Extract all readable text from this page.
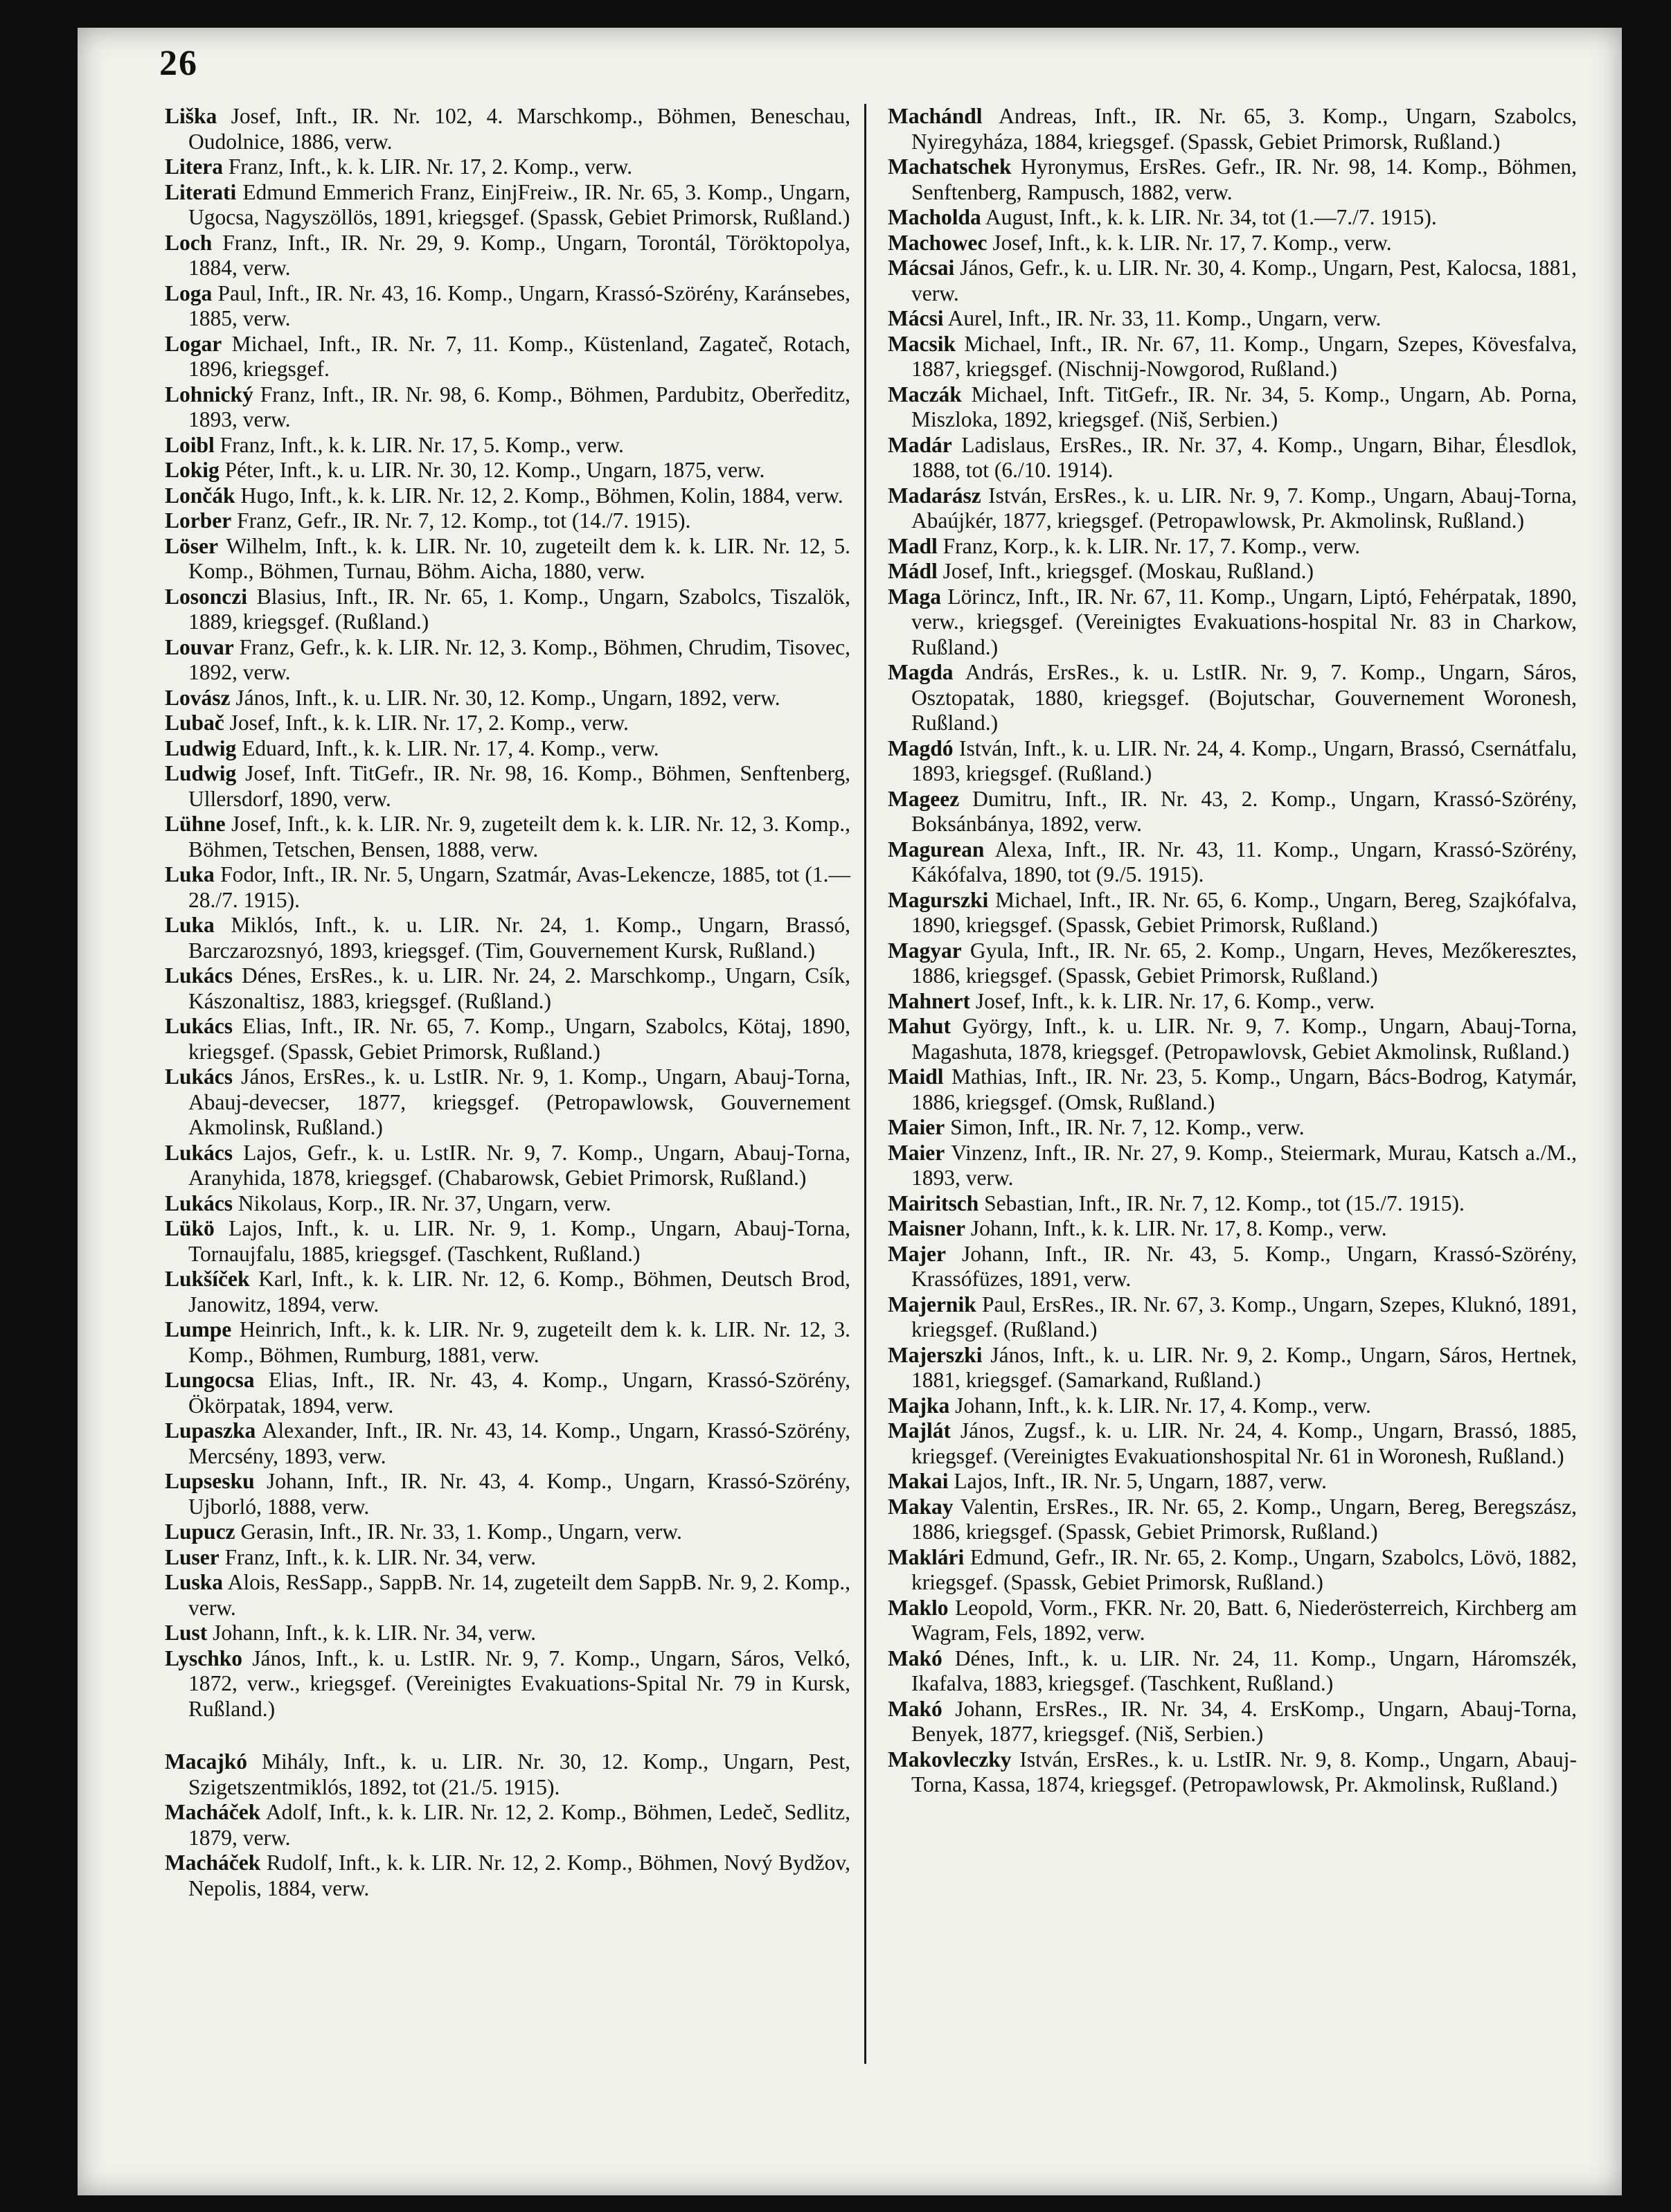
26

Liška Josef, Inft., IR. Nr. 102, 4. Marschkomp., Böhmen, Beneschau, Oudolnice, 1886, verw.

Litera Franz, Inft., k. k. LIR. Nr. 17, 2. Komp., verw.

Literati Edmund Emmerich Franz, EinjFreiw., IR. Nr. 65, 3. Komp., Ungarn, Ugocsa, Nagyszöllös, 1891, kriegsgef. (Spassk, Gebiet Primorsk, Rußland.)

Loch Franz, Inft., IR. Nr. 29, 9. Komp., Ungarn, Torontál, Töröktopolya, 1884, verw.

Loga Paul, Inft., IR. Nr. 43, 16. Komp., Ungarn, Krassó-Szörény, Karánsebes, 1885, verw.

Logar Michael, Inft., IR. Nr. 7, 11. Komp., Küstenland, Zagateč, Rotach, 1896, kriegsgef.

Lohnický Franz, Inft., IR. Nr. 98, 6. Komp., Böhmen, Pardubitz, Oberředitz, 1893, verw.

Loibl Franz, Inft., k. k. LIR. Nr. 17, 5. Komp., verw.

Lokig Péter, Inft., k. u. LIR. Nr. 30, 12. Komp., Ungarn, 1875, verw.

Lončák Hugo, Inft., k. k. LIR. Nr. 12, 2. Komp., Böhmen, Kolin, 1884, verw.

Lorber Franz, Gefr., IR. Nr. 7, 12. Komp., tot (14./7. 1915).

Löser Wilhelm, Inft., k. k. LIR. Nr. 10, zugeteilt dem k. k. LIR. Nr. 12, 5. Komp., Böhmen, Turnau, Böhm. Aicha, 1880, verw.

Losonczi Blasius, Inft., IR. Nr. 65, 1. Komp., Ungarn, Szabolcs, Tiszalök, 1889, kriegsgef. (Rußland.)

Louvar Franz, Gefr., k. k. LIR. Nr. 12, 3. Komp., Böhmen, Chrudim, Tisovec, 1892, verw.

Lovász János, Inft., k. u. LIR. Nr. 30, 12. Komp., Ungarn, 1892, verw.

Lubač Josef, Inft., k. k. LIR. Nr. 17, 2. Komp., verw.

Ludwig Eduard, Inft., k. k. LIR. Nr. 17, 4. Komp., verw.

Ludwig Josef, Inft. TitGefr., IR. Nr. 98, 16. Komp., Böhmen, Senftenberg, Ullersdorf, 1890, verw.

Lühne Josef, Inft., k. k. LIR. Nr. 9, zugeteilt dem k. k. LIR. Nr. 12, 3. Komp., Böhmen, Tetschen, Bensen, 1888, verw.

Luka Fodor, Inft., IR. Nr. 5, Ungarn, Szatmár, Avas-Lekencze, 1885, tot (1.—28./7. 1915).

Luka Miklós, Inft., k. u. LIR. Nr. 24, 1. Komp., Ungarn, Brassó, Barczarozsnyó, 1893, kriegsgef. (Tim, Gouvernement Kursk, Rußland.)

Lukács Dénes, ErsRes., k. u. LIR. Nr. 24, 2. Marschkomp., Ungarn, Csík, Kászonaltisz, 1883, kriegsgef. (Rußland.)

Lukács Elias, Inft., IR. Nr. 65, 7. Komp., Ungarn, Szabolcs, Kötaj, 1890, kriegsgef. (Spassk, Gebiet Primorsk, Rußland.)

Lukács János, ErsRes., k. u. LstIR. Nr. 9, 1. Komp., Ungarn, Abauj-Torna, Abauj-devecser, 1877, kriegsgef. (Petropawlowsk, Gouvernement Akmolinsk, Rußland.)

Lukács Lajos, Gefr., k. u. LstIR. Nr. 9, 7. Komp., Ungarn, Abauj-Torna, Aranyhida, 1878, kriegsgef. (Chabarowsk, Gebiet Primorsk, Rußland.)

Lukács Nikolaus, Korp., IR. Nr. 37, Ungarn, verw.

Lükö Lajos, Inft., k. u. LIR. Nr. 9, 1. Komp., Ungarn, Abauj-Torna, Tornaujfalu, 1885, kriegsgef. (Taschkent, Rußland.)

Lukšíček Karl, Inft., k. k. LIR. Nr. 12, 6. Komp., Böhmen, Deutsch Brod, Janowitz, 1894, verw.

Lumpe Heinrich, Inft., k. k. LIR. Nr. 9, zugeteilt dem k. k. LIR. Nr. 12, 3. Komp., Böhmen, Rumburg, 1881, verw.

Lungocsa Elias, Inft., IR. Nr. 43, 4. Komp., Ungarn, Krassó-Szörény, Ökörpatak, 1894, verw.

Lupaszka Alexander, Inft., IR. Nr. 43, 14. Komp., Ungarn, Krassó-Szörény, Mercsény, 1893, verw.

Lupsesku Johann, Inft., IR. Nr. 43, 4. Komp., Ungarn, Krassó-Szörény, Ujborló, 1888, verw.

Lupucz Gerasin, Inft., IR. Nr. 33, 1. Komp., Ungarn, verw.

Luser Franz, Inft., k. k. LIR. Nr. 34, verw.

Luska Alois, ResSapp., SappB. Nr. 14, zugeteilt dem SappB. Nr. 9, 2. Komp., verw.

Lust Johann, Inft., k. k. LIR. Nr. 34, verw.

Lyschko János, Inft., k. u. LstIR. Nr. 9, 7. Komp., Ungarn, Sáros, Velkó, 1872, verw., kriegsgef. (Vereinigtes Evakuations-Spital Nr. 79 in Kursk, Rußland.)

Macajkó Mihály, Inft., k. u. LIR. Nr. 30, 12. Komp., Ungarn, Pest, Szigetszentmiklós, 1892, tot (21./5. 1915).

Macháček Adolf, Inft., k. k. LIR. Nr. 12, 2. Komp., Böhmen, Ledeč, Sedlitz, 1879, verw.

Macháček Rudolf, Inft., k. k. LIR. Nr. 12, 2. Komp., Böhmen, Nový Bydžov, Nepolis, 1884, verw.

Machándl Andreas, Inft., IR. Nr. 65, 3. Komp., Ungarn, Szabolcs, Nyiregyháza, 1884, kriegsgef. (Spassk, Gebiet Primorsk, Rußland.)

Machatschek Hyronymus, ErsRes. Gefr., IR. Nr. 98, 14. Komp., Böhmen, Senftenberg, Rampusch, 1882, verw.

Macholda August, Inft., k. k. LIR. Nr. 34, tot (1.—7./7. 1915).

Machowec Josef, Inft., k. k. LIR. Nr. 17, 7. Komp., verw.

Mácsai János, Gefr., k. u. LIR. Nr. 30, 4. Komp., Ungarn, Pest, Kalocsa, 1881, verw.

Mácsi Aurel, Inft., IR. Nr. 33, 11. Komp., Ungarn, verw.

Macsik Michael, Inft., IR. Nr. 67, 11. Komp., Ungarn, Szepes, Kövesfalva, 1887, kriegsgef. (Nischnij-Nowgorod, Rußland.)

Maczák Michael, Inft. TitGefr., IR. Nr. 34, 5. Komp., Ungarn, Ab. Porna, Miszloka, 1892, kriegsgef. (Niš, Serbien.)

Madár Ladislaus, ErsRes., IR. Nr. 37, 4. Komp., Ungarn, Bihar, Élesdlok, 1888, tot (6./10. 1914).

Madarász István, ErsRes., k. u. LIR. Nr. 9, 7. Komp., Ungarn, Abauj-Torna, Abaújkér, 1877, kriegsgef. (Petropawlowsk, Pr. Akmolinsk, Rußland.)

Madl Franz, Korp., k. k. LIR. Nr. 17, 7. Komp., verw.

Mádl Josef, Inft., kriegsgef. (Moskau, Rußland.)

Maga Lörincz, Inft., IR. Nr. 67, 11. Komp., Ungarn, Liptó, Fehérpatak, 1890, verw., kriegsgef. (Vereinigtes Evakuations-hospital Nr. 83 in Charkow, Rußland.)

Magda András, ErsRes., k. u. LstIR. Nr. 9, 7. Komp., Ungarn, Sáros, Osztopatak, 1880, kriegsgef. (Bojutschar, Gouvernement Woronesh, Rußland.)

Magdó István, Inft., k. u. LIR. Nr. 24, 4. Komp., Ungarn, Brassó, Csernátfalu, 1893, kriegsgef. (Rußland.)

Mageez Dumitru, Inft., IR. Nr. 43, 2. Komp., Ungarn, Krassó-Szörény, Boksánbánya, 1892, verw.

Magurean Alexa, Inft., IR. Nr. 43, 11. Komp., Ungarn, Krassó-Szörény, Kákófalva, 1890, tot (9./5. 1915).

Magurszki Michael, Inft., IR. Nr. 65, 6. Komp., Ungarn, Bereg, Szajkófalva, 1890, kriegsgef. (Spassk, Gebiet Primorsk, Rußland.)

Magyar Gyula, Inft., IR. Nr. 65, 2. Komp., Ungarn, Heves, Mezőkeresztes, 1886, kriegsgef. (Spassk, Gebiet Primorsk, Rußland.)

Mahnert Josef, Inft., k. k. LIR. Nr. 17, 6. Komp., verw.

Mahut György, Inft., k. u. LIR. Nr. 9, 7. Komp., Ungarn, Abauj-Torna, Magashuta, 1878, kriegsgef. (Petropawlovsk, Gebiet Akmolinsk, Rußland.)

Maidl Mathias, Inft., IR. Nr. 23, 5. Komp., Ungarn, Bács-Bodrog, Katymár, 1886, kriegsgef. (Omsk, Rußland.)

Maier Simon, Inft., IR. Nr. 7, 12. Komp., verw.

Maier Vinzenz, Inft., IR. Nr. 27, 9. Komp., Steiermark, Murau, Katsch a./M., 1893, verw.

Mairitsch Sebastian, Inft., IR. Nr. 7, 12. Komp., tot (15./7. 1915).

Maisner Johann, Inft., k. k. LIR. Nr. 17, 8. Komp., verw.

Majer Johann, Inft., IR. Nr. 43, 5. Komp., Ungarn, Krassó-Szörény, Krassófüzes, 1891, verw.

Majernik Paul, ErsRes., IR. Nr. 67, 3. Komp., Ungarn, Szepes, Kluknó, 1891, kriegsgef. (Rußland.)

Majerszki János, Inft., k. u. LIR. Nr. 9, 2. Komp., Ungarn, Sáros, Hertnek, 1881, kriegsgef. (Samarkand, Rußland.)

Majka Johann, Inft., k. k. LIR. Nr. 17, 4. Komp., verw.

Majlát János, Zugsf., k. u. LIR. Nr. 24, 4. Komp., Ungarn, Brassó, 1885, kriegsgef. (Vereinigtes Evakuationshospital Nr. 61 in Woronesh, Rußland.)

Makai Lajos, Inft., IR. Nr. 5, Ungarn, 1887, verw.

Makay Valentin, ErsRes., IR. Nr. 65, 2. Komp., Ungarn, Bereg, Beregszász, 1886, kriegsgef. (Spassk, Gebiet Primorsk, Rußland.)

Maklári Edmund, Gefr., IR. Nr. 65, 2. Komp., Ungarn, Szabolcs, Lövö, 1882, kriegsgef. (Spassk, Gebiet Primorsk, Rußland.)

Maklo Leopold, Vorm., FKR. Nr. 20, Batt. 6, Niederösterreich, Kirchberg am Wagram, Fels, 1892, verw.

Makó Dénes, Inft., k. u. LIR. Nr. 24, 11. Komp., Ungarn, Háromszék, Ikafalva, 1883, kriegsgef. (Taschkent, Rußland.)

Makó Johann, ErsRes., IR. Nr. 34, 4. ErsKomp., Ungarn, Abauj-Torna, Benyek, 1877, kriegsgef. (Niš, Serbien.)

Makovleczky István, ErsRes., k. u. LstIR. Nr. 9, 8. Komp., Ungarn, Abauj-Torna, Kassa, 1874, kriegsgef. (Petropawlowsk, Pr. Akmolinsk, Rußland.)
